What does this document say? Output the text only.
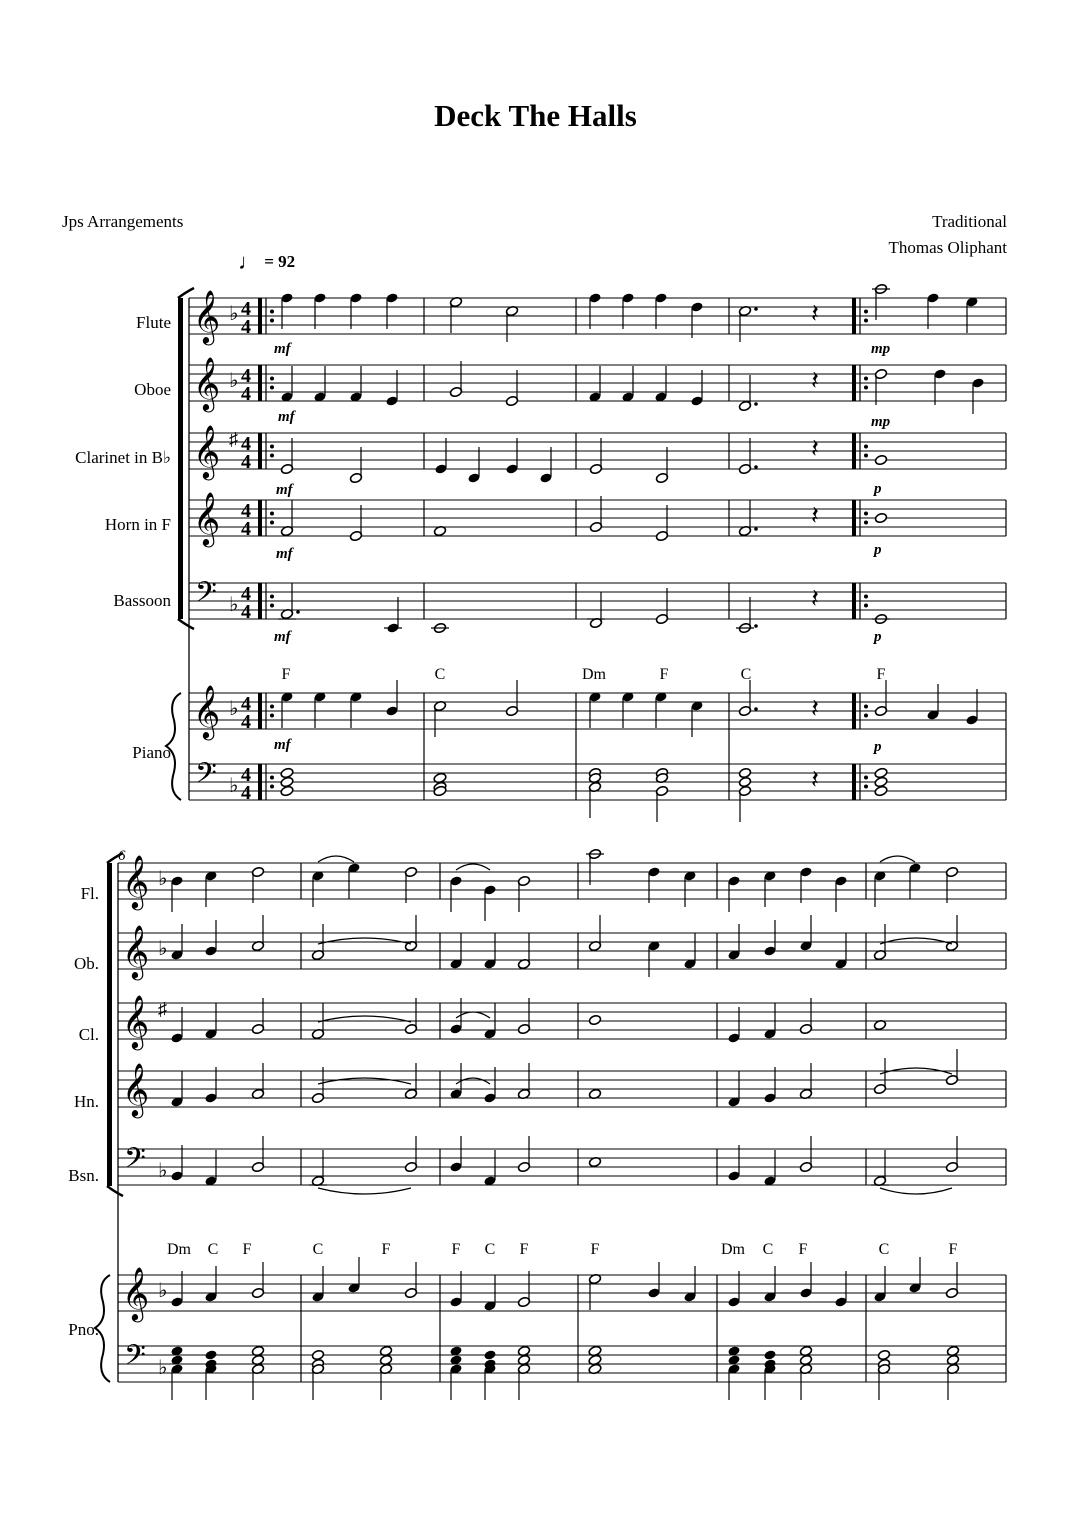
Deck The Halls
Jps Arrangements	Traditional
Thomas Oliphant
♩ = 92
Flute
Oboe
Clarinet in B♭
Horn in F
Bassoon
Piano
𝄞 ♭ 4
4
𝄞 ♭ 4
4
𝄞 ♯ 4
4
𝄞 4
4
𝄢 ♭ 4
4
𝄞 ♭ 4
4
𝄢 ♭ 4
4
𝄽
mf	mp
𝄽
mf	mp
𝄽
mf	p
𝄽
mf	p
𝄽
mf	p
F	C	Dm	F	C	F
𝄽
mf	p
𝄽
6
Fl.
Ob.
Cl.
Hn.
Bsn.
Pno.
𝄞 ♭
𝄞 ♭
𝄞 ♯
𝄞
𝄢 ♭
𝄞 ♭
𝄢 ♭
Dm C F	C	F	F C F	F	Dm C F	C	F
